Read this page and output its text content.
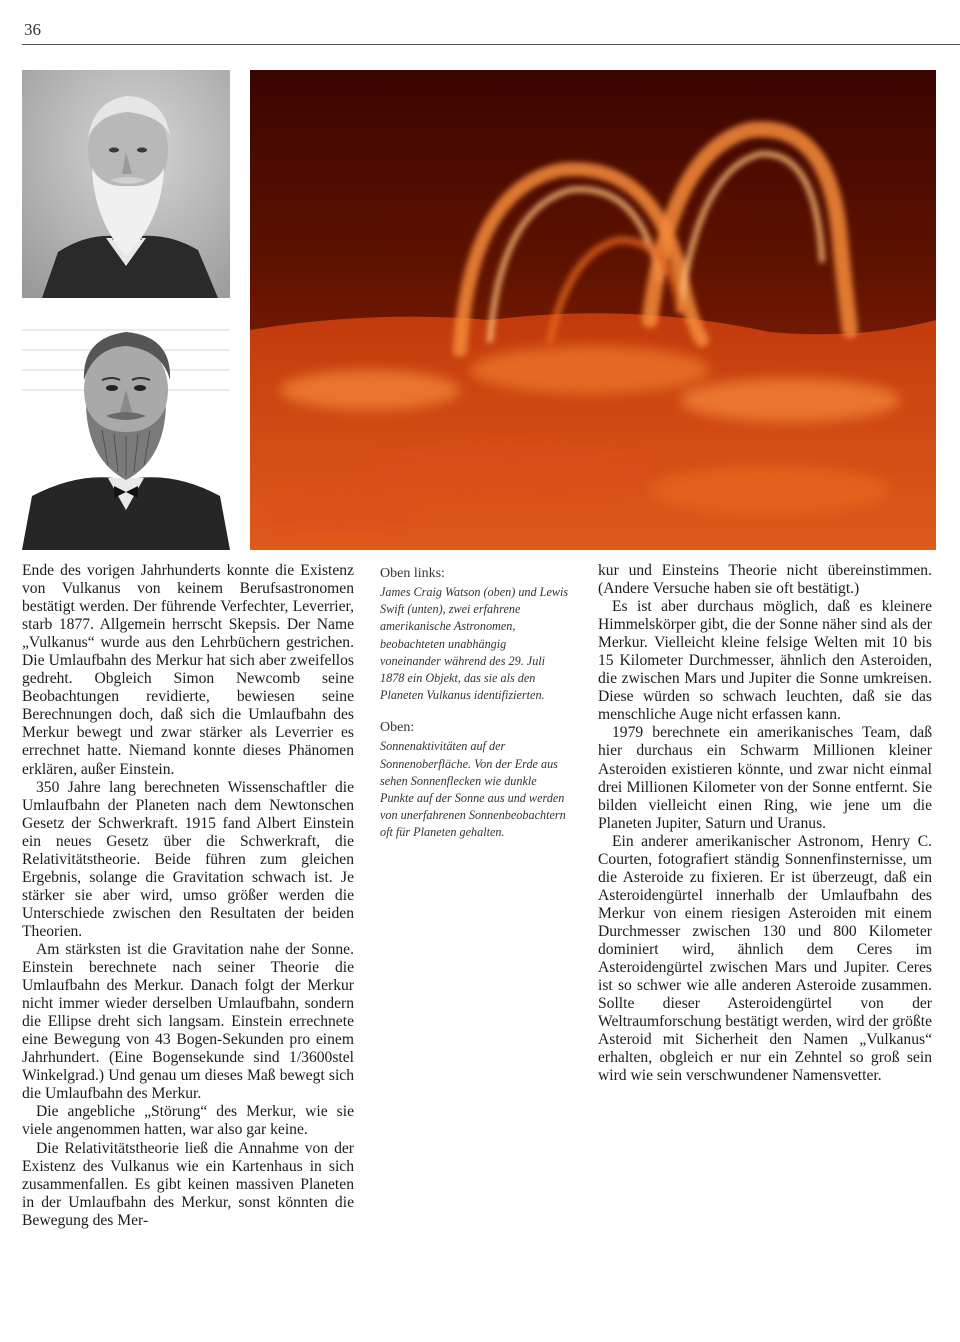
36

Ende des vorigen Jahrhunderts konnte die Existenz von Vulkanus von keinem Berufsastronomen bestätigt werden. Der führende Verfechter, Leverrier, starb 1877. Allgemein herrscht Skepsis. Der Name „Vulkanus“ wurde aus den Lehrbüchern gestrichen. Die Umlaufbahn des Merkur hat sich aber zweifellos gedreht. Obgleich Simon Newcomb seine Beobachtungen revidierte, bewiesen seine Berechnungen doch, daß sich die Umlaufbahn des Merkur bewegt und zwar stärker als Leverrier es errechnet hatte. Niemand konnte dieses Phänomen erklären, außer Einstein.

350 Jahre lang berechneten Wissenschaftler die Umlaufbahn der Planeten nach dem Newtonschen Gesetz der Schwerkraft. 1915 fand Albert Einstein ein neues Gesetz über die Schwerkraft, die Relativitätstheorie. Beide führen zum gleichen Ergebnis, solange die Gravitation schwach ist. Je stärker sie aber wird, umso größer werden die Unterschiede zwischen den Resultaten der beiden Theorien.

Am stärksten ist die Gravitation nahe der Sonne. Einstein berechnete nach seiner Theorie die Umlaufbahn des Merkur. Danach folgt der Merkur nicht immer wieder derselben Umlaufbahn, sondern die Ellipse dreht sich langsam. Einstein errechnete eine Bewegung von 43 Bogen-Sekunden pro einem Jahrhundert. (Eine Bogensekunde sind 1/3600stel Winkelgrad.) Und genau um dieses Maß bewegt sich die Umlaufbahn des Merkur.

Die angebliche „Störung“ des Merkur, wie sie viele angenommen hatten, war also gar keine.

Die Relativitätstheorie ließ die Annahme von der Existenz des Vulkanus wie ein Kartenhaus in sich zusammenfallen. Es gibt keinen massiven Planeten in der Umlaufbahn des Merkur, sonst könnten die Bewegung des Mer-

Oben links:
James Craig Watson (oben) und Lewis Swift (unten), zwei erfahrene amerikanische Astronomen, beobachteten unabhängig voneinander während des 29. Juli 1878 ein Objekt, das sie als den Planeten Vulkanus identifizierten.
Oben:
Sonnenaktivitäten auf der Sonnenoberfläche. Von der Erde aus sehen Sonnenflecken wie dunkle Punkte auf der Sonne aus und werden von unerfahrenen Sonnenbeobachtern oft für Planeten gehalten.

kur und Einsteins Theorie nicht übereinstimmen. (Andere Versuche haben sie oft bestätigt.)

Es ist aber durchaus möglich, daß es kleinere Himmelskörper gibt, die der Sonne näher sind als der Merkur. Vielleicht kleine felsige Welten mit 10 bis 15 Kilometer Durchmesser, ähnlich den Asteroiden, die zwischen Mars und Jupiter die Sonne umkreisen. Diese würden so schwach leuchten, daß sie das menschliche Auge nicht erfassen kann.

1979 berechnete ein amerikanisches Team, daß hier durchaus ein Schwarm Millionen kleiner Asteroiden existieren könnte, und zwar nicht einmal drei Millionen Kilometer von der Sonne entfernt. Sie bilden vielleicht einen Ring, wie jene um die Planeten Jupiter, Saturn und Uranus.

Ein anderer amerikanischer Astronom, Henry C. Courten, fotografiert ständig Sonnenfinsternisse, um die Asteroide zu fixieren. Er ist überzeugt, daß ein Asteroidengürtel innerhalb der Umlaufbahn des Merkur von einem riesigen Asteroiden mit einem Durchmesser zwischen 130 und 800 Kilometer dominiert wird, ähnlich dem Ceres im Asteroidengürtel zwischen Mars und Jupiter. Ceres ist so schwer wie alle anderen Asteroide zusammen. Sollte dieser Asteroidengürtel von der Weltraumforschung bestätigt werden, wird der größte Asteroid mit Sicherheit den Namen „Vulkanus“ erhalten, obgleich er nur ein Zehntel so groß sein wird wie sein verschwundener Namensvetter.
